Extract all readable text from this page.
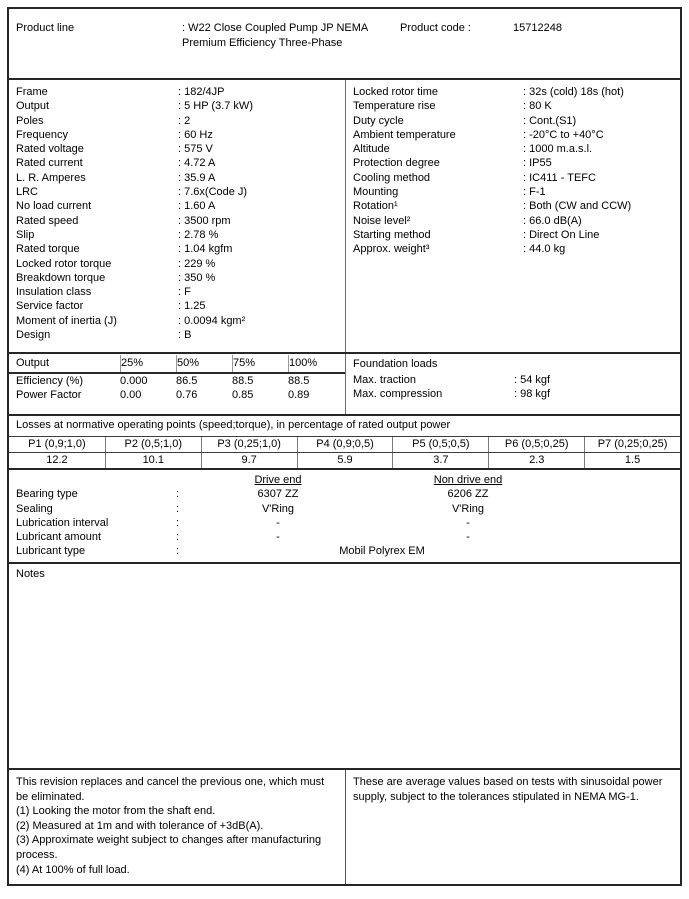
Product line	: W22 Close Coupled Pump JP NEMA Premium Efficiency Three-Phase
Product code :	15712248
Frame	: 182/4JP
Output	: 5 HP (3.7 kW)
Poles	: 2
Frequency	: 60 Hz
Rated voltage	: 575 V
Rated current	: 4.72 A
L. R. Amperes	: 35.9 A
LRC	: 7.6x(Code J)
No load current	: 1.60 A
Rated speed	: 3500 rpm
Slip	: 2.78 %
Rated torque	: 1.04 kgfm
Locked rotor torque	: 229 %
Breakdown torque	: 350 %
Insulation class	: F
Service factor	: 1.25
Moment of inertia (J)	: 0.0094 kgm²
Design	: B
Locked rotor time	: 32s (cold) 18s (hot)
Temperature rise	: 80 K
Duty cycle	: Cont.(S1)
Ambient temperature	: -20°C to +40°C
Altitude	: 1000 m.a.s.l.
Protection degree	: IP55
Cooling method	: IC411 - TEFC
Mounting	: F-1
Rotation¹	: Both (CW and CCW)
Noise level²	: 66.0 dB(A)
Starting method	: Direct On Line
Approx. weight³	: 44.0 kg
Output	25%	50%	75%	100%
Efficiency (%)	0.000	86.5	88.5	88.5
Power Factor	0.00	0.76	0.85	0.89
Foundation loads
Max. traction	: 54 kgf
Max. compression	: 98 kgf
Losses at normative operating points (speed;torque), in percentage of rated output power
P1 (0,9;1,0)	P2 (0,5;1,0)	P3 (0,25;1,0)	P4 (0,9;0,5)	P5 (0,5;0,5)	P6 (0,5;0,25)	P7 (0,25;0,25)
12.2	10.1	9.7	5.9	3.7	2.3	1.5
Drive end	Non drive end
Bearing type	:	6307 ZZ	6206 ZZ
Sealing	:	V'Ring	V'Ring
Lubrication interval	:	-	-
Lubricant amount	:	-	-
Lubricant type	:	Mobil Polyrex EM
Notes
This revision replaces and cancel the previous one, which must be eliminated.
(1) Looking the motor from the shaft end.
(2) Measured at 1m and with tolerance of +3dB(A).
(3) Approximate weight subject to changes after manufacturing process.
(4) At 100% of full load.
These are average values based on tests with sinusoidal power supply, subject to the tolerances stipulated in NEMA MG-1.
